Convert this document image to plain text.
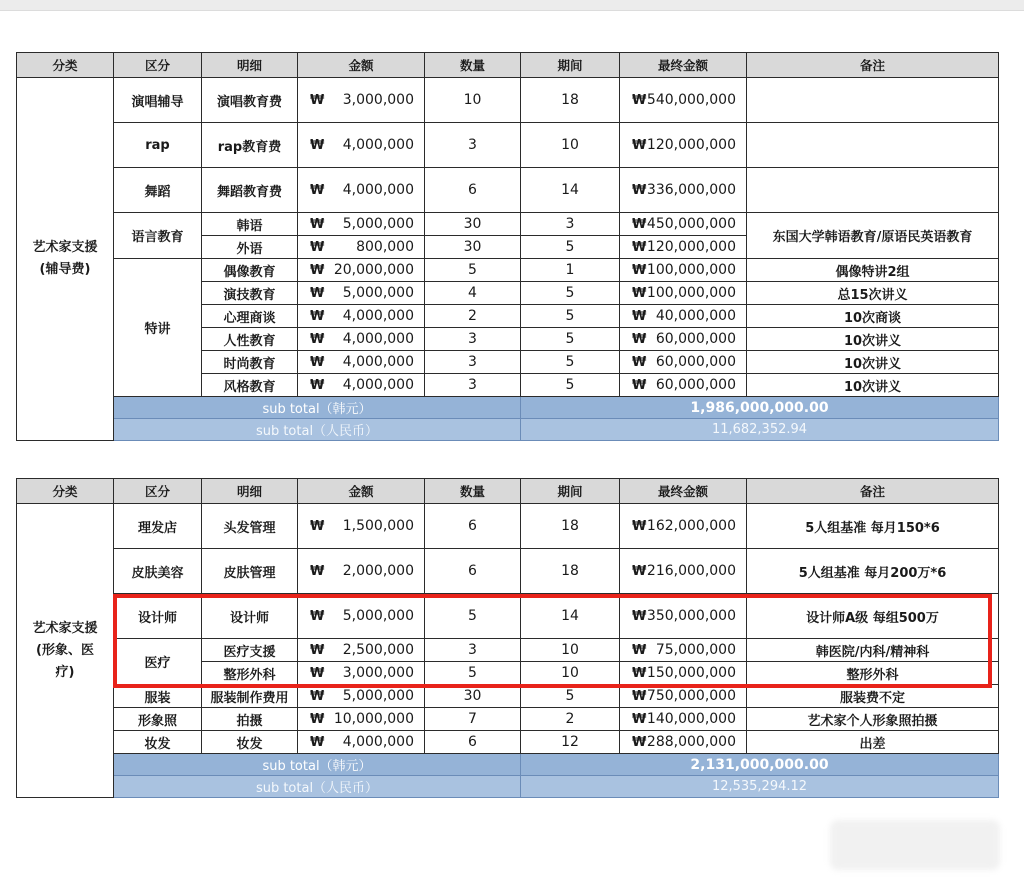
分类	区分	明细	金额	数量	期间	最终金额	备注
艺术家支援
(辅导费)	演唱辅导	演唱教育费	₩ 3,000,000	10	18	₩ 540,000,000	

	rap	rap教育费	₩ 4,000,000	3	10	₩ 120,000,000	

	舞蹈	舞蹈教育费	₩ 4,000,000	6	14	₩ 336,000,000	

	语言教育	韩语	₩ 5,000,000	30	3	₩ 450,000,000	东国大学韩语教育/原语民英语教育
		外语	₩ 800,000	30	5	₩ 120,000,000	

	特讲	偶像教育	₩ 20,000,000	5	1	₩ 100,000,000	偶像特讲2组
		演技教育	₩ 5,000,000	4	5	₩ 100,000,000	总15次讲义
		心理商谈	₩ 4,000,000	2	5	₩ 40,000,000	10次商谈
		人性教育	₩ 4,000,000	3	5	₩ 60,000,000	10次讲义
		时尚教育	₩ 4,000,000	3	5	₩ 60,000,000	10次讲义
		风格教育	₩ 4,000,000	3	5	₩ 60,000,000	10次讲义
	sub total（韩元）				1,986,000,000.00		
	sub total（人民币）				11,682,352.94		
分类	区分	明细	金额	数量	期间	最终金额	备注
艺术家支援
(形象、医
疗)	理发店	头发管理	₩ 1,500,000	6	18	₩ 162,000,000	5人组基准 每月150*6
	皮肤美容	皮肤管理	₩ 2,000,000	6	18	₩ 216,000,000	5人组基准 每月200万*6
	设计师	设计师	₩ 5,000,000	5	14	₩ 350,000,000	设计师A级 每组500万
	医疗	医疗支援	₩ 2,500,000	3	10	₩ 75,000,000	韩医院/内科/精神科
		整形外科	₩ 3,000,000	5	10	₩ 150,000,000	整形外科
	服装	服装制作费用	₩ 5,000,000	30	5	₩ 750,000,000	服装费不定
	形象照	拍摄	₩ 10,000,000	7	2	₩ 140,000,000	艺术家个人形象照拍摄
	妆发	妆发	₩ 4,000,000	6	12	₩ 288,000,000	出差
	sub total（韩元）				2,131,000,000.00		
	sub total（人民币）				12,535,294.12		
